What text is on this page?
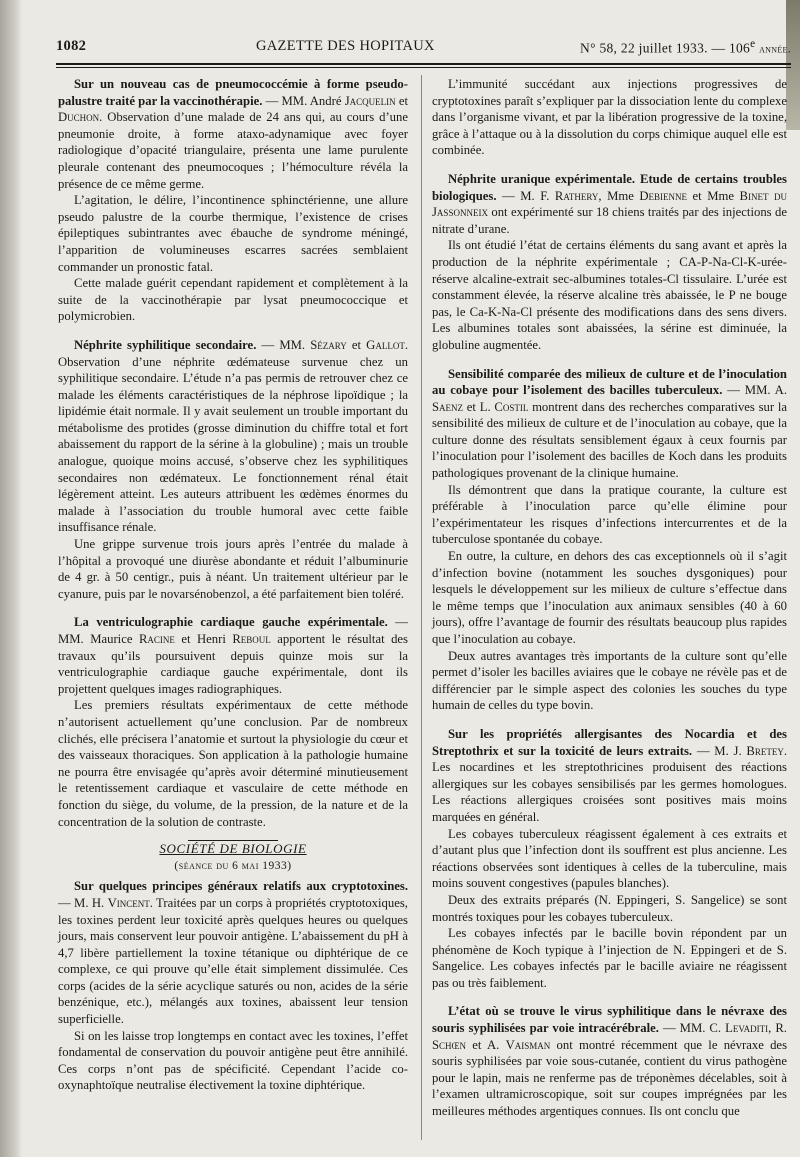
1082	GAZETTE DES HOPITAUX	N° 58, 22 juillet 1933. — 106e année.

Sur un nouveau cas de pneumococcémie à forme pseudo-palustre traité par la vaccinothérapie. — MM. André Jacquelin et Duchon. Observation d’une malade de 24 ans qui, au cours d’une pneumonie droite, à forme ataxo-adynamique avec foyer radiologique d’opacité triangulaire, présenta une lame purulente pleurale contenant des pneumocoques ; l’hémoculture révéla la présence de ce même germe.

L’agitation, le délire, l’incontinence sphinctérienne, une allure pseudo palustre de la courbe thermique, l’existence de crises épileptiques subintrantes avec ébauche de syndrome méningé, l’apparition de volumineuses escarres sacrées semblaient commander un pronostic fatal.

Cette malade guérit cependant rapidement et complètement à la suite de la vaccinothérapie par lysat pneumococcique et polymicrobien.

Néphrite syphilitique secondaire. — MM. Sézary et Gallot. Observation d’une néphrite œdémateuse survenue chez un syphilitique secondaire. L’étude n’a pas permis de retrouver chez ce malade les éléments caractéristiques de la néphrose lipoïdique ; la lipidémie était normale. Il y avait seulement un trouble important du métabolisme des protides (grosse diminution du chiffre total et fort abaissement du rapport de la sérine à la globuline) ; mais un trouble analogue, quoique moins accusé, s’observe chez les syphilitiques secondaires non œdémateux. Le fonctionnement rénal était légèrement atteint. Les auteurs attribuent les œdèmes énormes du malade à l’association du trouble humoral avec cette faible insuffisance rénale.

Une grippe survenue trois jours après l’entrée du malade à l’hôpital a provoqué une diurèse abondante et réduit l’albuminurie de 4 gr. à 50 centigr., puis à néant. Un traitement ultérieur par le cyanure, puis par le novarsénobenzol, a été parfaitement bien toléré.

La ventriculographie cardiaque gauche expérimentale. — MM. Maurice Racine et Henri Reboul apportent le résultat des travaux qu’ils poursuivent depuis quinze mois sur la ventriculographie cardiaque gauche expérimentale, dont ils projettent quelques images radiographiques.

Les premiers résultats expérimentaux de cette méthode n’autorisent actuellement qu’une conclusion. Par de nombreux clichés, elle précisera l’anatomie et surtout la physiologie du cœur et des vaisseaux thoraciques. Son application à la pathologie humaine ne pourra être envisagée qu’après avoir déterminé minutieusement le retentissement cardiaque et vasculaire de cette méthode en fonction du siège, du volume, de la pression, de la nature et de la concentration de la solution de contraste.

SOCIÉTÉ DE BIOLOGIE
(séance du 6 mai 1933)

Sur quelques principes généraux relatifs aux cryptotoxines. — M. H. Vincent. Traitées par un corps à propriétés cryptotoxiques, les toxines perdent leur toxicité après quelques heures ou quelques jours, mais conservent leur pouvoir antigène. L’abaissement du pH à 4,7 libère partiellement la toxine tétanique ou diphtérique de ce complexe, ce qui prouve qu’elle était simplement dissimulée. Ces corps (acides de la série acyclique saturés ou non, acides de la série benzénique, etc.), mélangés aux toxines, abaissent leur tension superficielle.

Si on les laisse trop longtemps en contact avec les toxines, l’effet fondamental de conservation du pouvoir antigène peut être annihilé. Ces corps n’ont pas de spécificité. Cependant l’acide co-oxynaphtoïque neutralise électivement la toxine diphtérique.

L’immunité succédant aux injections progressives de cryptotoxines paraît s’expliquer par la dissociation lente du complexe dans l’organisme vivant, et par la libération progressive de la toxine, grâce à l’attaque ou à la dissolution du corps chimique auquel elle est combinée.

Néphrite uranique expérimentale. Etude de certains troubles biologiques. — M. F. Rathery, Mme Debienne et Mme Binet du Jassonneix ont expérimenté sur 18 chiens traités par des injections de nitrate d’urane.

Ils ont étudié l’état de certains éléments du sang avant et après la production de la néphrite expérimentale ; CA-P-Na-Cl-K-urée-réserve alcaline-extrait sec-albumines totales-Cl tissulaire. L’urée est constamment élevée, la réserve alcaline très abaissée, le P ne bouge pas, le Ca-K-Na-Cl présente des modifications dans des sens divers. Les albumines totales sont abaissées, la sérine est diminuée, la globuline augmentée.

Sensibilité comparée des milieux de culture et de l’inoculation au cobaye pour l’isolement des bacilles tuberculeux. — MM. A. Saenz et L. Costil montrent dans des recherches comparatives sur la sensibilité des milieux de culture et de l’inoculation au cobaye, que la culture donne des résultats sensiblement égaux à ceux fournis par l’inoculation pour l’isolement des bacilles de Koch dans les produits pathologiques provenant de la clinique humaine.

Ils démontrent que dans la pratique courante, la culture est préférable à l’inoculation parce qu’elle élimine pour l’expérimentateur les risques d’infections intercurrentes et de la tuberculose spontanée du cobaye.

En outre, la culture, en dehors des cas exceptionnels où il s’agit d’infection bovine (notamment les souches dysgoniques) pour lesquels le développement sur les milieux de culture s’effectue dans le même temps que l’inoculation aux animaux sensibles (40 à 60 jours), offre l’avantage de fournir des résultats beaucoup plus rapides que l’inoculation au cobaye.

Deux autres avantages très importants de la culture sont qu’elle permet d’isoler les bacilles aviaires que le cobaye ne révèle pas et de différencier par le simple aspect des colonies les souches du type humain de celles du type bovin.

Sur les propriétés allergisantes des Nocardia et des Streptothrix et sur la toxicité de leurs extraits. — M. J. Bretey. Les nocardines et les streptothricines produisent des réactions allergiques sur les cobayes sensibilisés par les germes homologues. Les réactions allergiques croisées sont positives mais moins marquées en général.

Les cobayes tuberculeux réagissent également à ces extraits et d’autant plus que l’infection dont ils souffrent est plus ancienne. Les réactions observées sont identiques à celles de la tuberculine, mais moins souvent congestives (papules blanches).

Deux des extraits préparés (N. Eppingeri, S. Sangelice) se sont montrés toxiques pour les cobayes tuberculeux.

Les cobayes infectés par le bacille bovin répondent par un phénomène de Koch typique à l’injection de N. Eppingeri et de S. Sangelice. Les cobayes infectés par le bacille aviaire ne réagissent pas ou très faiblement.

L’état où se trouve le virus syphilitique dans le névraxe des souris syphilisées par voie intracérébrale. — MM. C. Levaditi, R. Schœn et A. Vaisman ont montré récemment que le névraxe des souris syphilisées par voie sous-cutanée, contient du virus pathogène pour le lapin, mais ne renferme pas de tréponèmes décelables, soit à l’examen ultramicroscopique, soit sur coupes imprégnées par les meilleures méthodes argentiques connues. Ils ont conclu que
